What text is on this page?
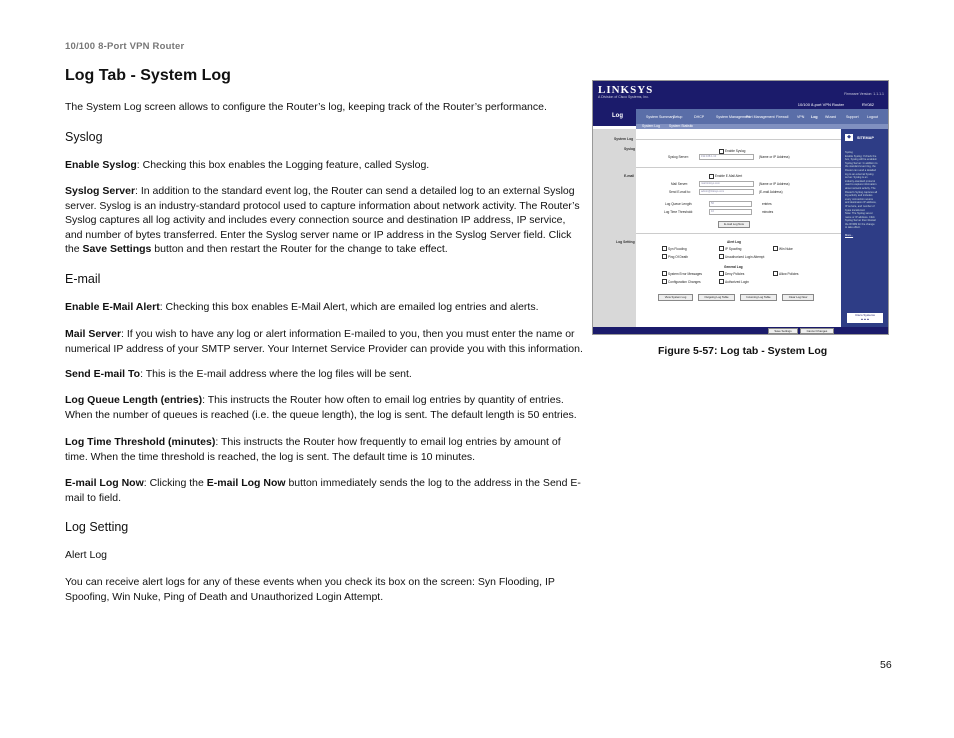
10/100 8-Port VPN Router
Log Tab - System Log
The System Log screen allows to configure the Router’s log, keeping track of the Router’s performance.
Syslog
Enable Syslog: Checking this box enables the Logging feature, called Syslog.
Syslog Server: In addition to the standard event log, the Router can send a detailed log to an external Syslog server. Syslog is an industry-standard protocol used to capture information about network activity. The Router’s Syslog captures all log activity and includes every connection source and destination IP address, IP service, and number of bytes transferred. Enter the Syslog server name or IP address in the Syslog Server field. Click the Save Settings button and then restart the Router for the change to take effect.
E-mail
Enable E-Mail Alert: Checking this box enables E-Mail Alert, which are emailed log entries and alerts.
Mail Server: If you wish to have any log or alert information E-mailed to you, then you must enter the name or numerical IP address of your SMTP server. Your Internet Service Provider can provide you with this information.
Send E-mail To: This is the E-mail address where the log files will be sent.
Log Queue Length (entries): This instructs the Router how often to email log entries by quantity of entries. When the number of queues is reached (i.e. the queue length), the log is sent. The default length is 50 entries.
Log Time Threshold (minutes): This instructs the Router how frequently to email log entries by amount of time. When the time threshold is reached, the log is sent. The default time is 10 minutes.
E-mail Log Now: Clicking the E-mail Log Now button immediately sends the log to the address in the Send E-mail to field.
Log Setting
Alert Log
You can receive alert logs for any of these events when you check its box on the screen: Syn Flooding, IP Spoofing, Win Nuke, Ping of Death and Unauthorized Login Attempt.
56
LINKSYS
A Division of Cisco Systems, Inc.
Firmware Version: 1.1.1.1
Log
10/100 8-port VPN Router	RV082
System Summary
Setup	DHCP	System Management
Port Management Firewall VPN Log Wizard	Support Logout
System Log	System Statistic
System Log
Syslog
E-mail
Log Setting
Enable Syslog
Syslog Server:	192.168.1.10	(Name or IP Address)
Enable E-Mail Alert
Mail Server:	mail.linksys.com	(Name or IP Address)
Send E-mail to:	admin@linksys.com	(E-mail Address)
Log Queue Length:	50	entries
Log Time Threshold:	10	minutes
E-mail Log Now
Alert Log
Syn Flooding	IP Spoofing	Win Nuke
Ping Of Death	Unauthorized Login Attempt
General Log
System Error Messages	Deny Policies	Allow Policies
Configuration Changes	Authorized Login
View System Log	Outgoing Log Table	Incoming Log Table	Clear Log Now
◆	SITEMAP
Syslog
Enable Syslog: If check the
box, Syslog will be enabled.
Syslog Server: In addition to
the standard event log, the
Router can send a detailed
log to an external Syslog
server. Syslog is an
industry-standard protocol
used to capture information
about network activity. The
Router's Syslog captures all
log activity and includes
every connection source
and destination IP address,
IP service, and number of
bytes transferred.
Note: The Syslog server
name or IP address. Click
Syslog Server then Restart
the RV082 for the change
to take effect.

More...
Cisco Systems
▲▲▲
Save Settings	Cancel Changes
Figure 5-57: Log tab - System Log
